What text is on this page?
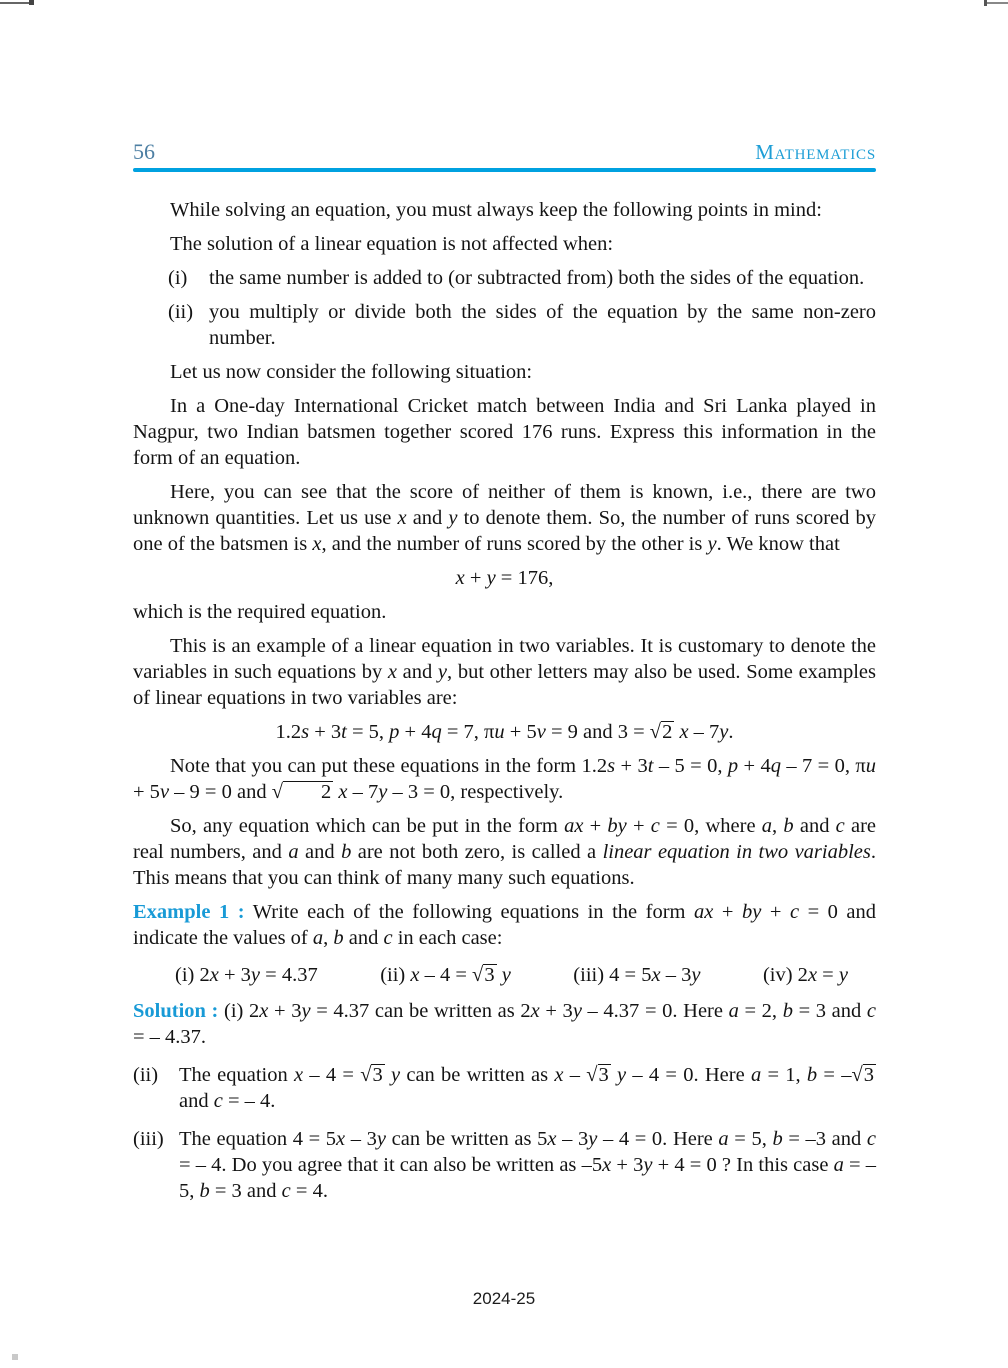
56	Mathematics

While solving an equation, you must always keep the following points in mind:

The solution of a linear equation is not affected when:

(i)	the same number is added to (or subtracted from) both the sides of the equation.
(ii) you multiply or divide both the sides of the equation by the same non-zero number.

Let us now consider the following situation:

In a One-day International Cricket match between India and Sri Lanka played in Nagpur, two Indian batsmen together scored 176 runs. Express this information in the form of an equation.

Here, you can see that the score of neither of them is known, i.e., there are two unknown quantities. Let us use x and y to denote them. So, the number of runs scored by one of the batsmen is x, and the number of runs scored by the other is y. We know that

x + y = 176,

which is the required equation.

This is an example of a linear equation in two variables. It is customary to denote the variables in such equations by x and y, but other letters may also be used. Some examples of linear equations in two variables are:

1.2s + 3t = 5, p + 4q = 7, πu + 5v = 9 and 3 = √2 x – 7y.

Note that you can put these equations in the form 1.2s + 3t – 5 = 0, p + 4q – 7 = 0, πu + 5v – 9 = 0 and √ 2 x – 7y – 3 = 0, respectively.

So, any equation which can be put in the form ax + by + c = 0, where a, b and c are real numbers, and a and b are not both zero, is called a linear equation in two variables. This means that you can think of many many such equations.

Example 1 : Write each of the following equations in the form ax + by + c = 0 and indicate the values of a, b and c in each case:

(i) 2x + 3y = 4.37	(ii) x – 4 = √3 y	(iii) 4 = 5x – 3y	(iv) 2x = y

Solution : (i) 2x + 3y = 4.37 can be written as 2x + 3y – 4.37 = 0. Here a = 2, b = 3 and c = – 4.37.

(ii)	The equation x – 4 = √3 y can be written as x – √3 y – 4 = 0. Here a = 1, b = –√3 and c = – 4.
(iii) The equation 4 = 5x – 3y can be written as 5x – 3y – 4 = 0. Here a = 5, b = –3 and c = – 4. Do you agree that it can also be written as –5x + 3y + 4 = 0 ? In this case a = –5, b = 3 and c = 4.
2024-25
